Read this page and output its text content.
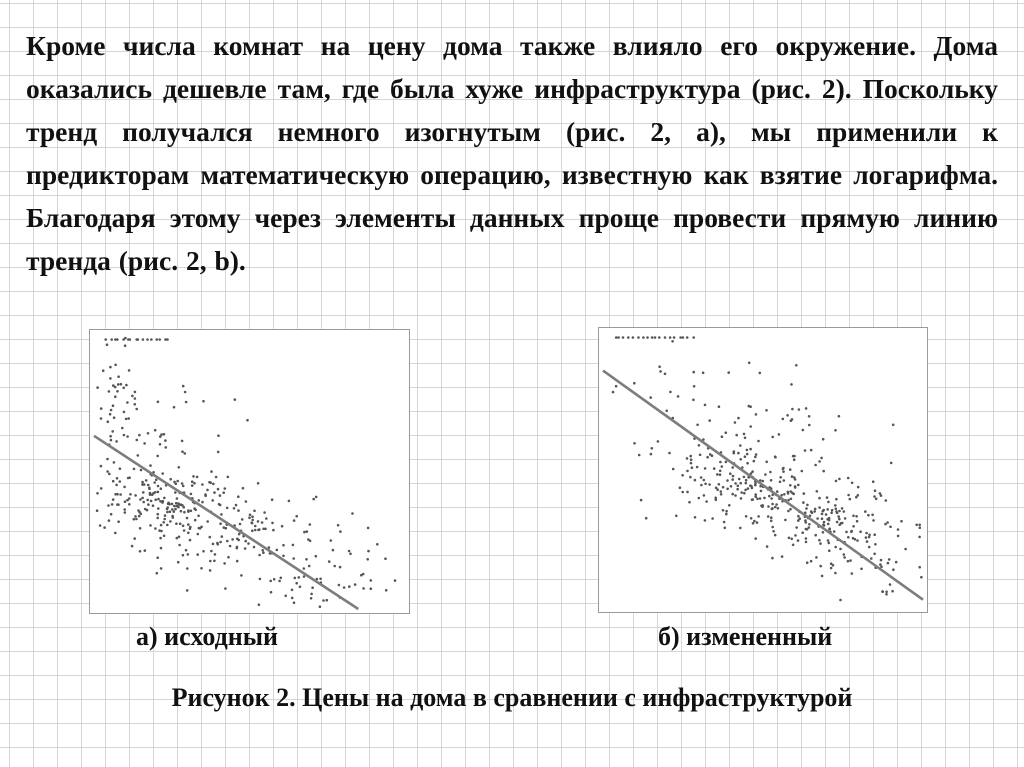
Кроме числа комнат на цену дома также влияло его окружение. Дома оказались дешевле там, где была хуже инфраструктура (рис. 2). Поскольку тренд получался немного изогнутым (рис. 2, а), мы применили к предикторам математическую операцию, известную как взятие логарифма. Благодаря этому через элементы данных проще провести прямую линию тренда (рис. 2, b).

а) исходный	б) измененный
Рисунок 2. Цены на дома в сравнении с инфраструктурой
